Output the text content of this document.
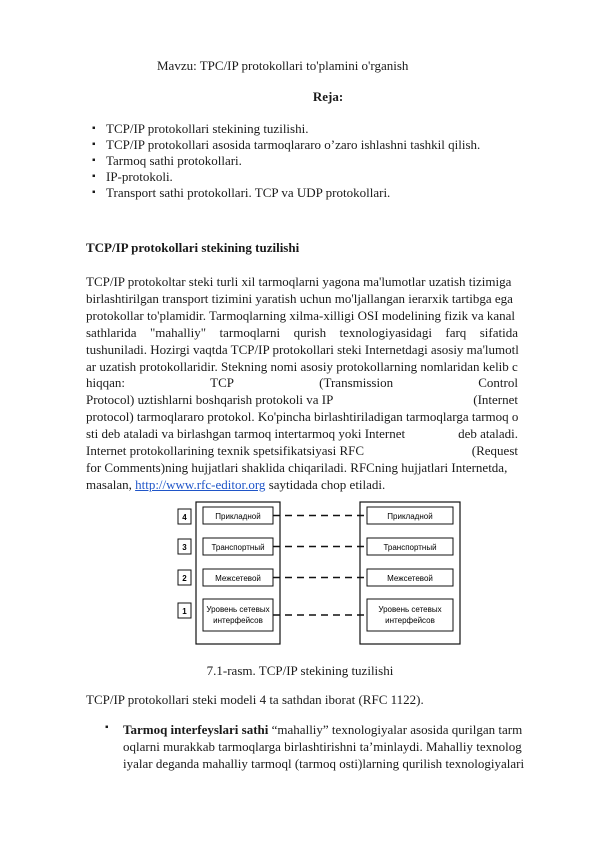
Mavzu: TPC/IP protokollari to'plamini o'rganish
Reja:
▪ TCP/IP protokollari stekining tuzilishi.
▪ TCP/IP protokollari asosida tarmoqlararo o’zaro ishlashni tashkil qilish.
▪ Tarmoq sathi protokollari.
▪ IP-protokoli.
▪ Transport sathi protokollari. TCP va UDP protokollari.
TCP/IP protokollari stekining tuzilishi
TCP/IP protokoltar steki turli xil tarmoqlarni yagona ma'lumotlar uzatish tizimiga
birlashtirilgan transport tizimini yaratish uchun mo'ljallangan ierarxik tartibga ega
protokollar to'plamidir. Tarmoqlarning xilma-xilligi OSI modelining fizik va kanal
sathlarida "mahalliy" tarmoqlarni qurish texnologiyasidagi farq sifatida
tushuniladi. Hozirgi vaqtda TCP/IP protokollari steki Internetdagi asosiy ma'lumotl
ar uzatish protokollaridir. Stekning nomi asosiy protokollarning nomlaridan kelib c
hiqqan:	TCP	(Transmission	Control
Protocol) uztishlarni boshqarish protokoli va IP	(Internet
protocol) tarmoqlararo protokol. Ko'pincha birlashtiriladigan tarmoqlarga tarmoq o
sti deb ataladi va birlashgan tarmoq intertarmoq yoki Internet	deb ataladi.
Internet protokollarining texnik spetsifikatsiyasi RFC	(Request
for Comments)ning hujjatlari shaklida chiqariladi. RFCning hujjatlari Internetda,
masalan, http://www.rfc-editor.org saytidada chop etiladi.
4
3
2
1
Прикладной
Транспортный
Межсетевой
Уровень сетевых
интерфейсов
Прикладной
Транспортный
Межсетевой
Уровень сетевых
интерфейсов
7.1-rasm. TCP/IP stekining tuzilishi
TCP/IP protokollari steki modeli 4 ta sathdan iborat (RFC 1122).
▪ Tarmoq interfeyslari sathi “mahalliy” texnologiyalar asosida qurilgan tarm
oqlarni murakkab tarmoqlarga birlashtirishni ta’minlaydi. Mahalliy texnolog
iyalar deganda mahalliy tarmoql (tarmoq osti)larning qurilish texnologiyalari
